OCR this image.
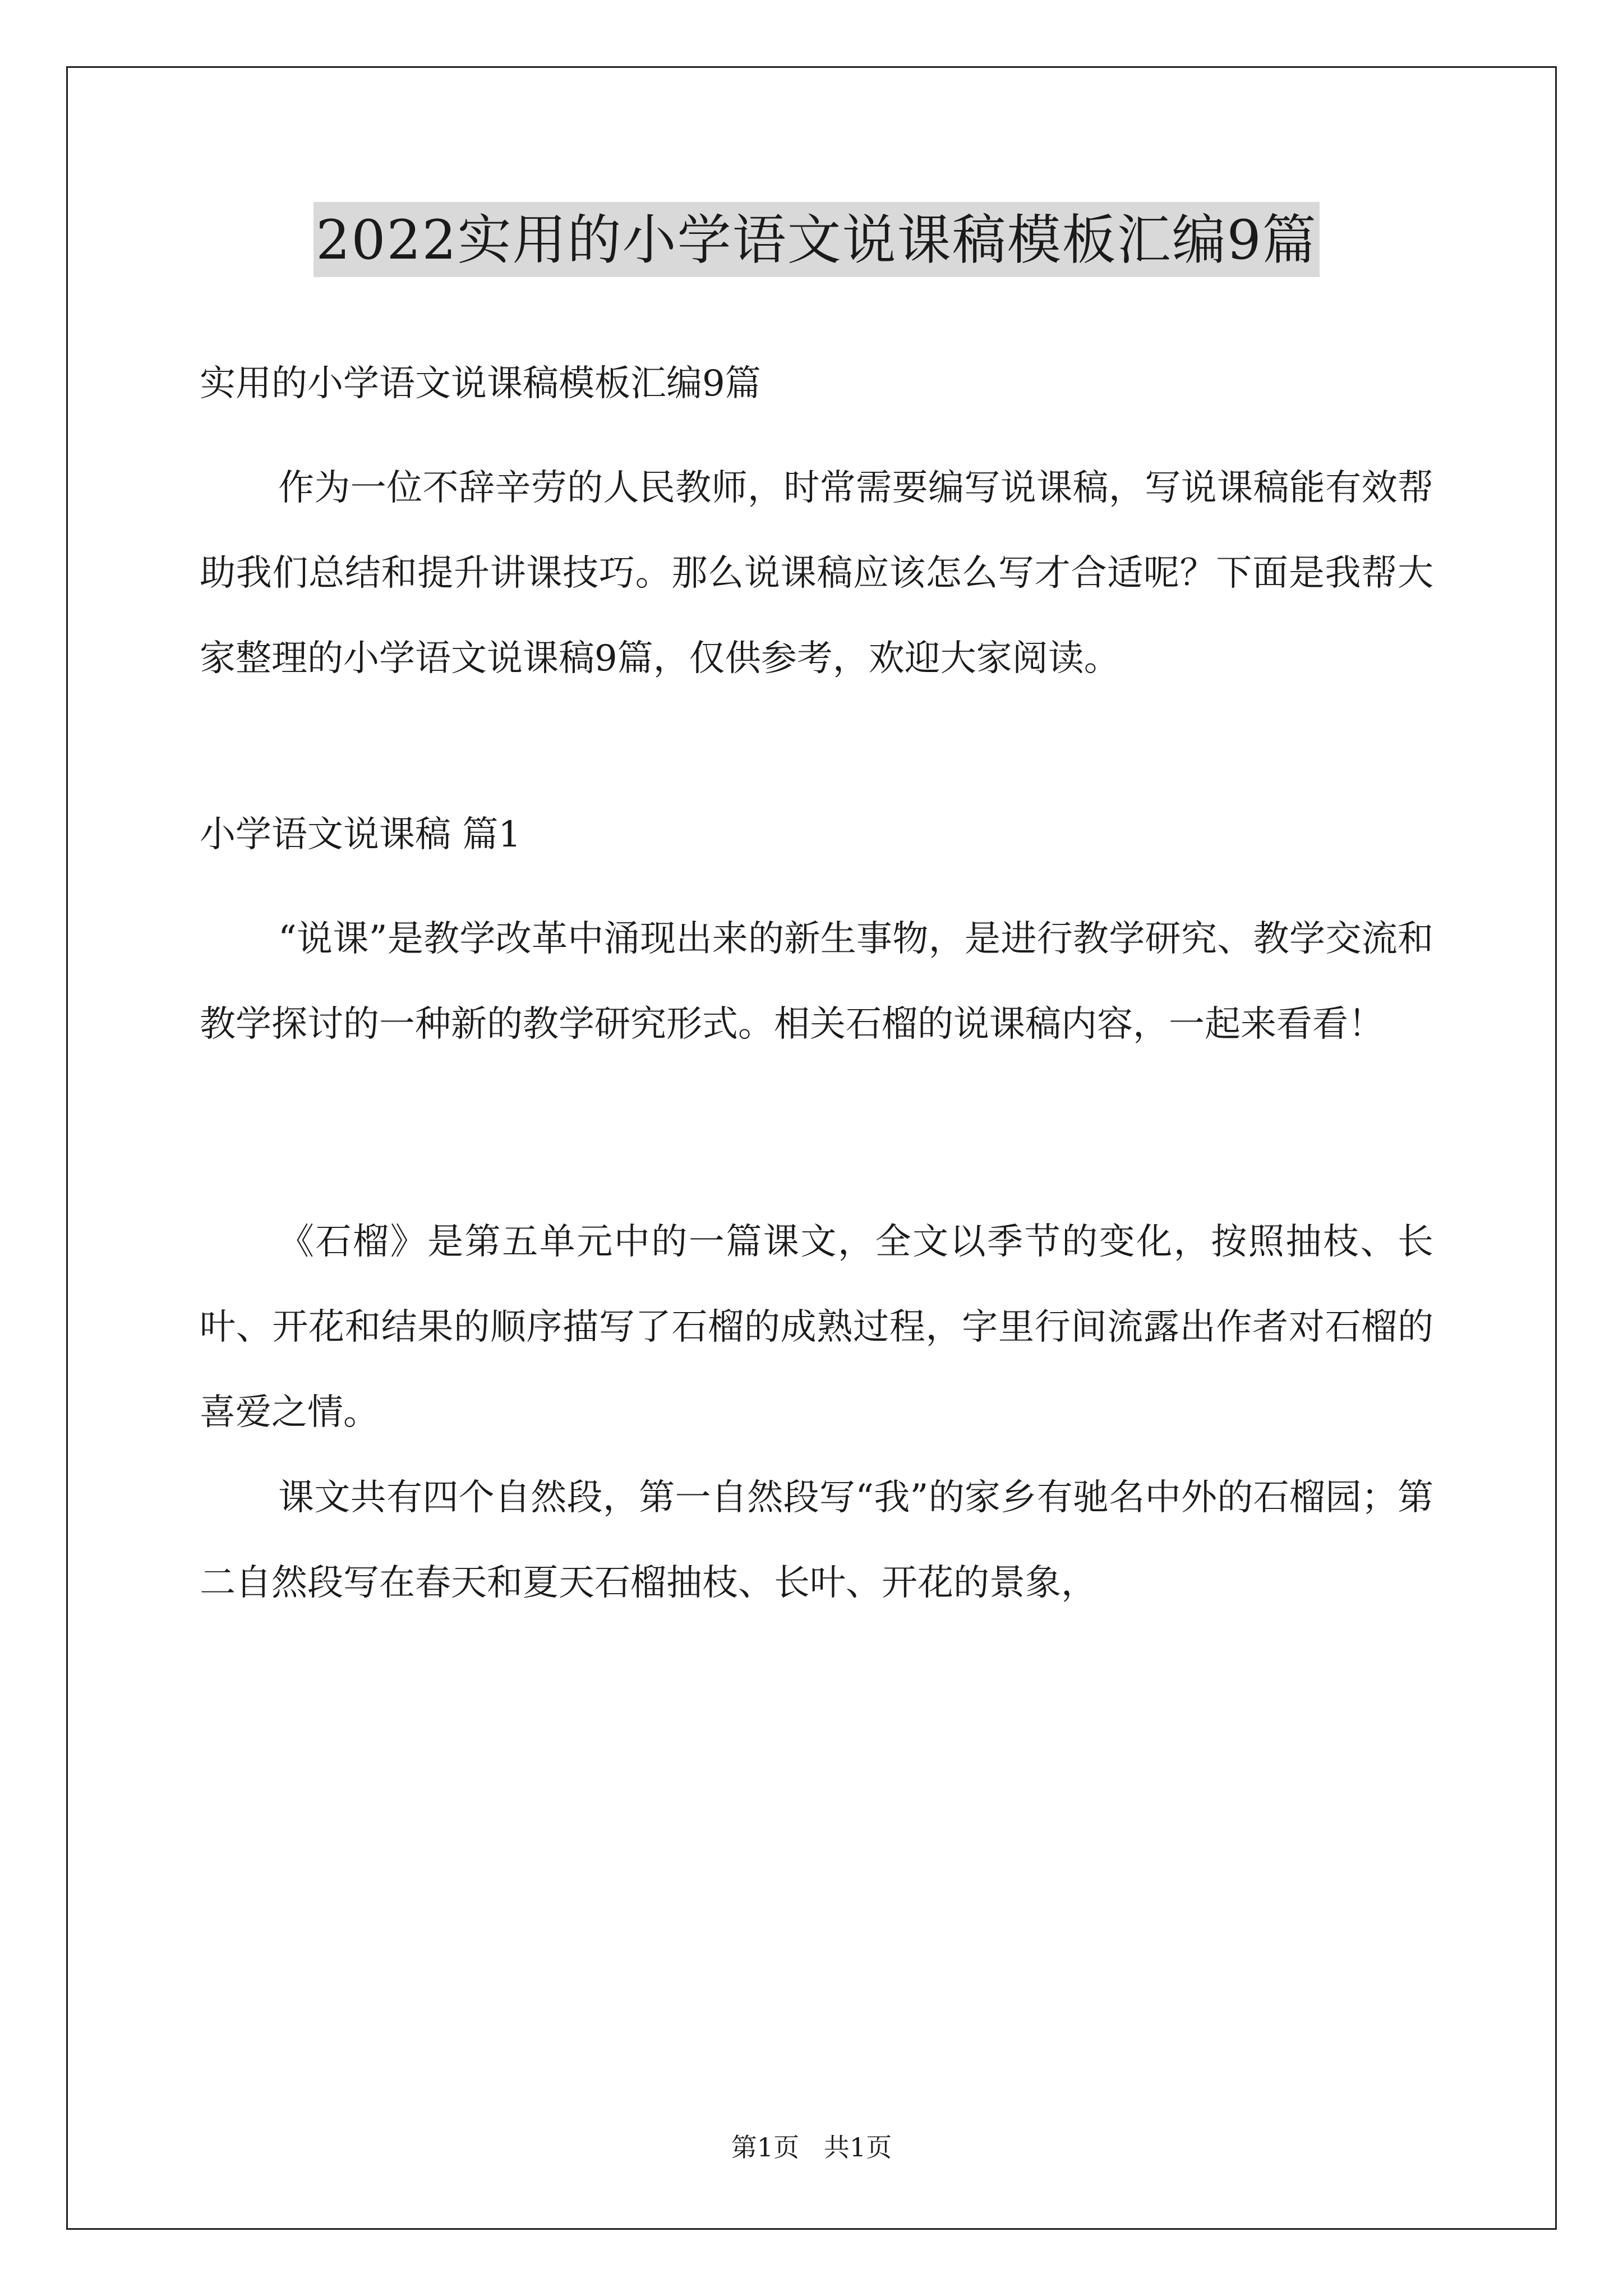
2022实用的小学语文说课稿模板汇编9篇
实用的小学语文说课稿模板汇编9篇

作为一位不辞辛劳的人民教师，时常需要编写说课稿，写说课稿能有效帮助我们总结和提升讲课技巧。那么说课稿应该怎么写才合适呢？下面是我帮大家整理的小学语文说课稿9篇，仅供参考，欢迎大家阅读。

小学语文说课稿 篇1

“说课”是教学改革中涌现出来的新生事物，是进行教学研究、教学交流和教学探讨的一种新的教学研究形式。相关石榴的说课稿内容，一起来看看！

《石榴》是第五单元中的一篇课文，全文以季节的变化，按照抽枝、长叶、开花和结果的顺序描写了石榴的成熟过程，字里行间流露出作者对石榴的喜爱之情。

课文共有四个自然段，第一自然段写“我”的家乡有驰名中外的石榴园；第二自然段写在春天和夏天石榴抽枝、长叶、开花的景象，

第1页   共1页
